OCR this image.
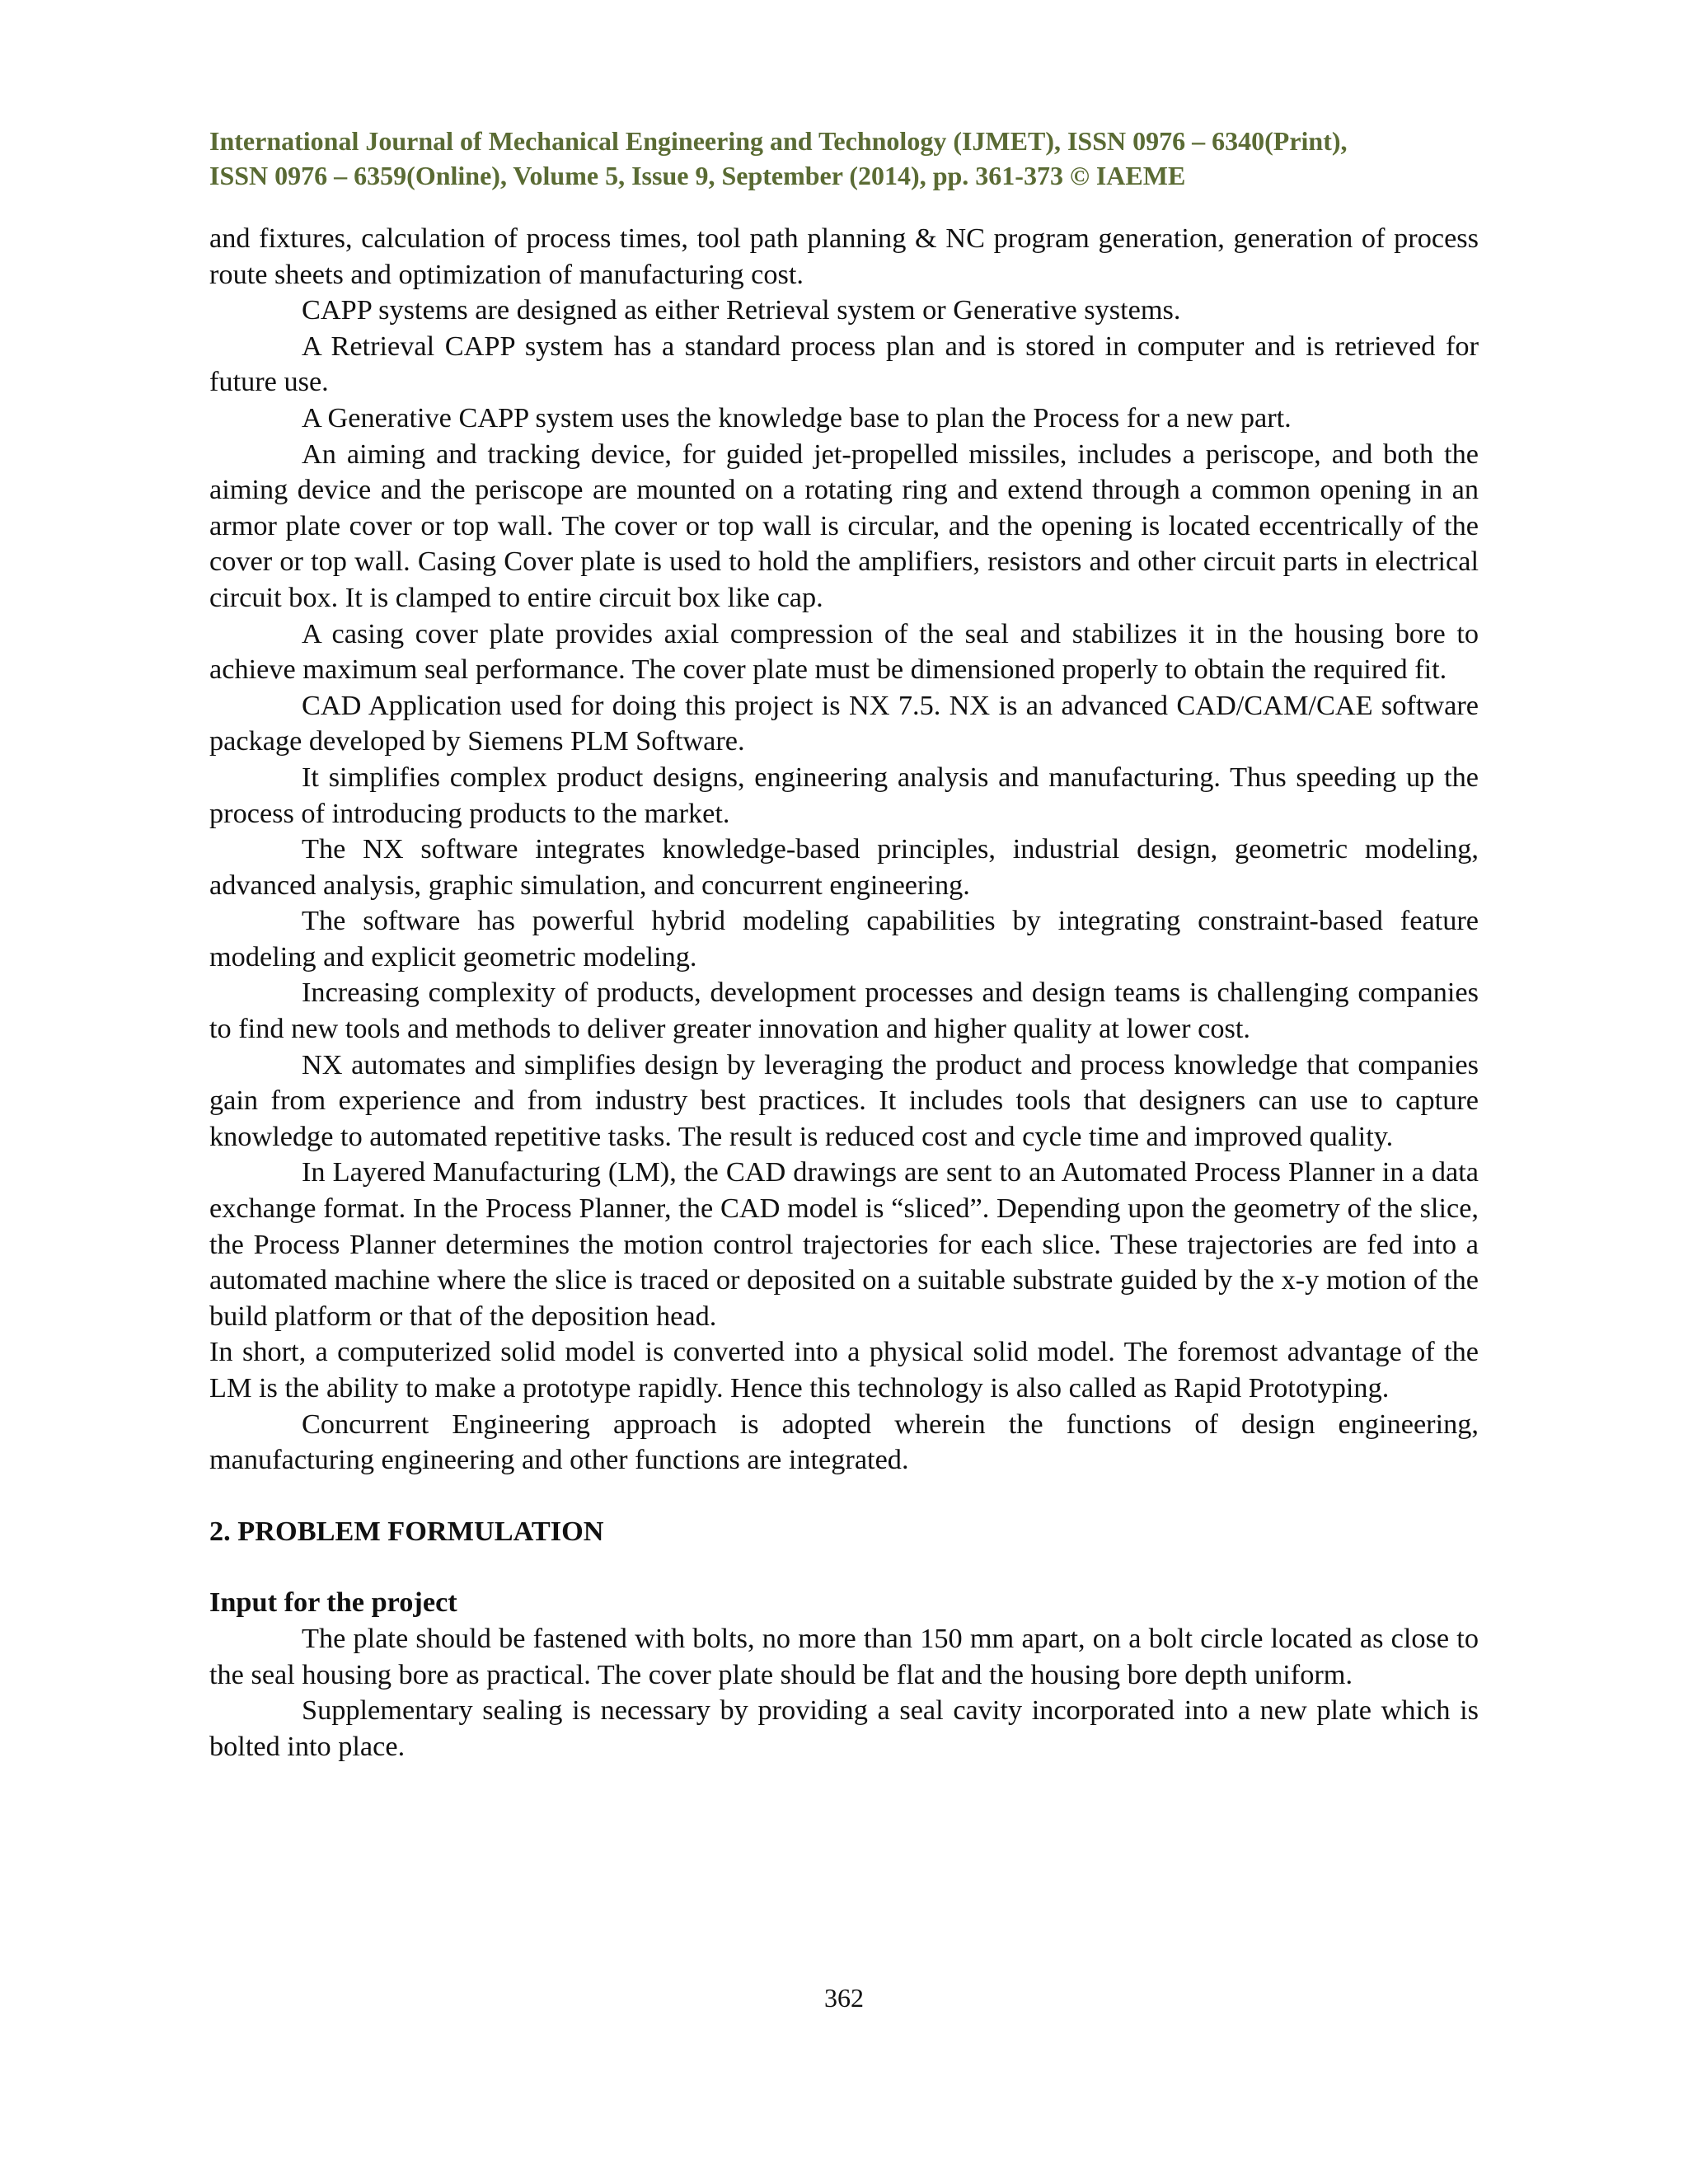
International Journal of Mechanical Engineering and Technology (IJMET), ISSN 0976 – 6340(Print),
ISSN 0976 – 6359(Online), Volume 5, Issue 9, September (2014), pp. 361-373 © IAEME

and fixtures, calculation of process times, tool path planning & NC program generation, generation of process route sheets and optimization of manufacturing cost.

CAPP systems are designed as either Retrieval system or Generative systems.

A Retrieval CAPP system has a standard process plan and is stored in computer and is retrieved for future use.

A Generative CAPP system uses the knowledge base to plan the Process for a new part.

An aiming and tracking device, for guided jet-propelled missiles, includes a periscope, and both the aiming device and the periscope are mounted on a rotating ring and extend through a common opening in an armor plate cover or top wall. The cover or top wall is circular, and the opening is located eccentrically of the cover or top wall. Casing Cover plate is used to hold the amplifiers, resistors and other circuit parts in electrical circuit box. It is clamped to entire circuit box like cap.

A casing cover plate provides axial compression of the seal and stabilizes it in the housing bore to achieve maximum seal performance. The cover plate must be dimensioned properly to obtain the required fit.

CAD Application used for doing this project is NX 7.5. NX is an advanced CAD/CAM/CAE software package developed by Siemens PLM Software.

It simplifies complex product designs, engineering analysis and manufacturing. Thus speeding up the process of introducing products to the market.

The NX software integrates knowledge-based principles, industrial design, geometric modeling, advanced analysis, graphic simulation, and concurrent engineering.

The software has powerful hybrid modeling capabilities by integrating constraint-based feature modeling and explicit geometric modeling.

Increasing complexity of products, development processes and design teams is challenging companies to find new tools and methods to deliver greater innovation and higher quality at lower cost.

NX automates and simplifies design by leveraging the product and process knowledge that companies gain from experience and from industry best practices. It includes tools that designers can use to capture knowledge to automated repetitive tasks. The result is reduced cost and cycle time and improved quality.

In Layered Manufacturing (LM), the CAD drawings are sent to an Automated Process Planner in a data exchange format. In the Process Planner, the CAD model is “sliced”. Depending upon the geometry of the slice, the Process Planner determines the motion control trajectories for each slice. These trajectories are fed into a automated machine where the slice is traced or deposited on a suitable substrate guided by the x-y motion of the build platform or that of the deposition head.

In short, a computerized solid model is converted into a physical solid model. The foremost advantage of the LM is the ability to make a prototype rapidly. Hence this technology is also called as Rapid Prototyping.

Concurrent Engineering approach is adopted wherein the functions of design engineering, manufacturing engineering and other functions are integrated.

2. PROBLEM FORMULATION
Input for the project

The plate should be fastened with bolts, no more than 150 mm apart, on a bolt circle located as close to the seal housing bore as practical. The cover plate should be flat and the housing bore depth uniform.

Supplementary sealing is necessary by providing a seal cavity incorporated into a new plate which is bolted into place.

362
